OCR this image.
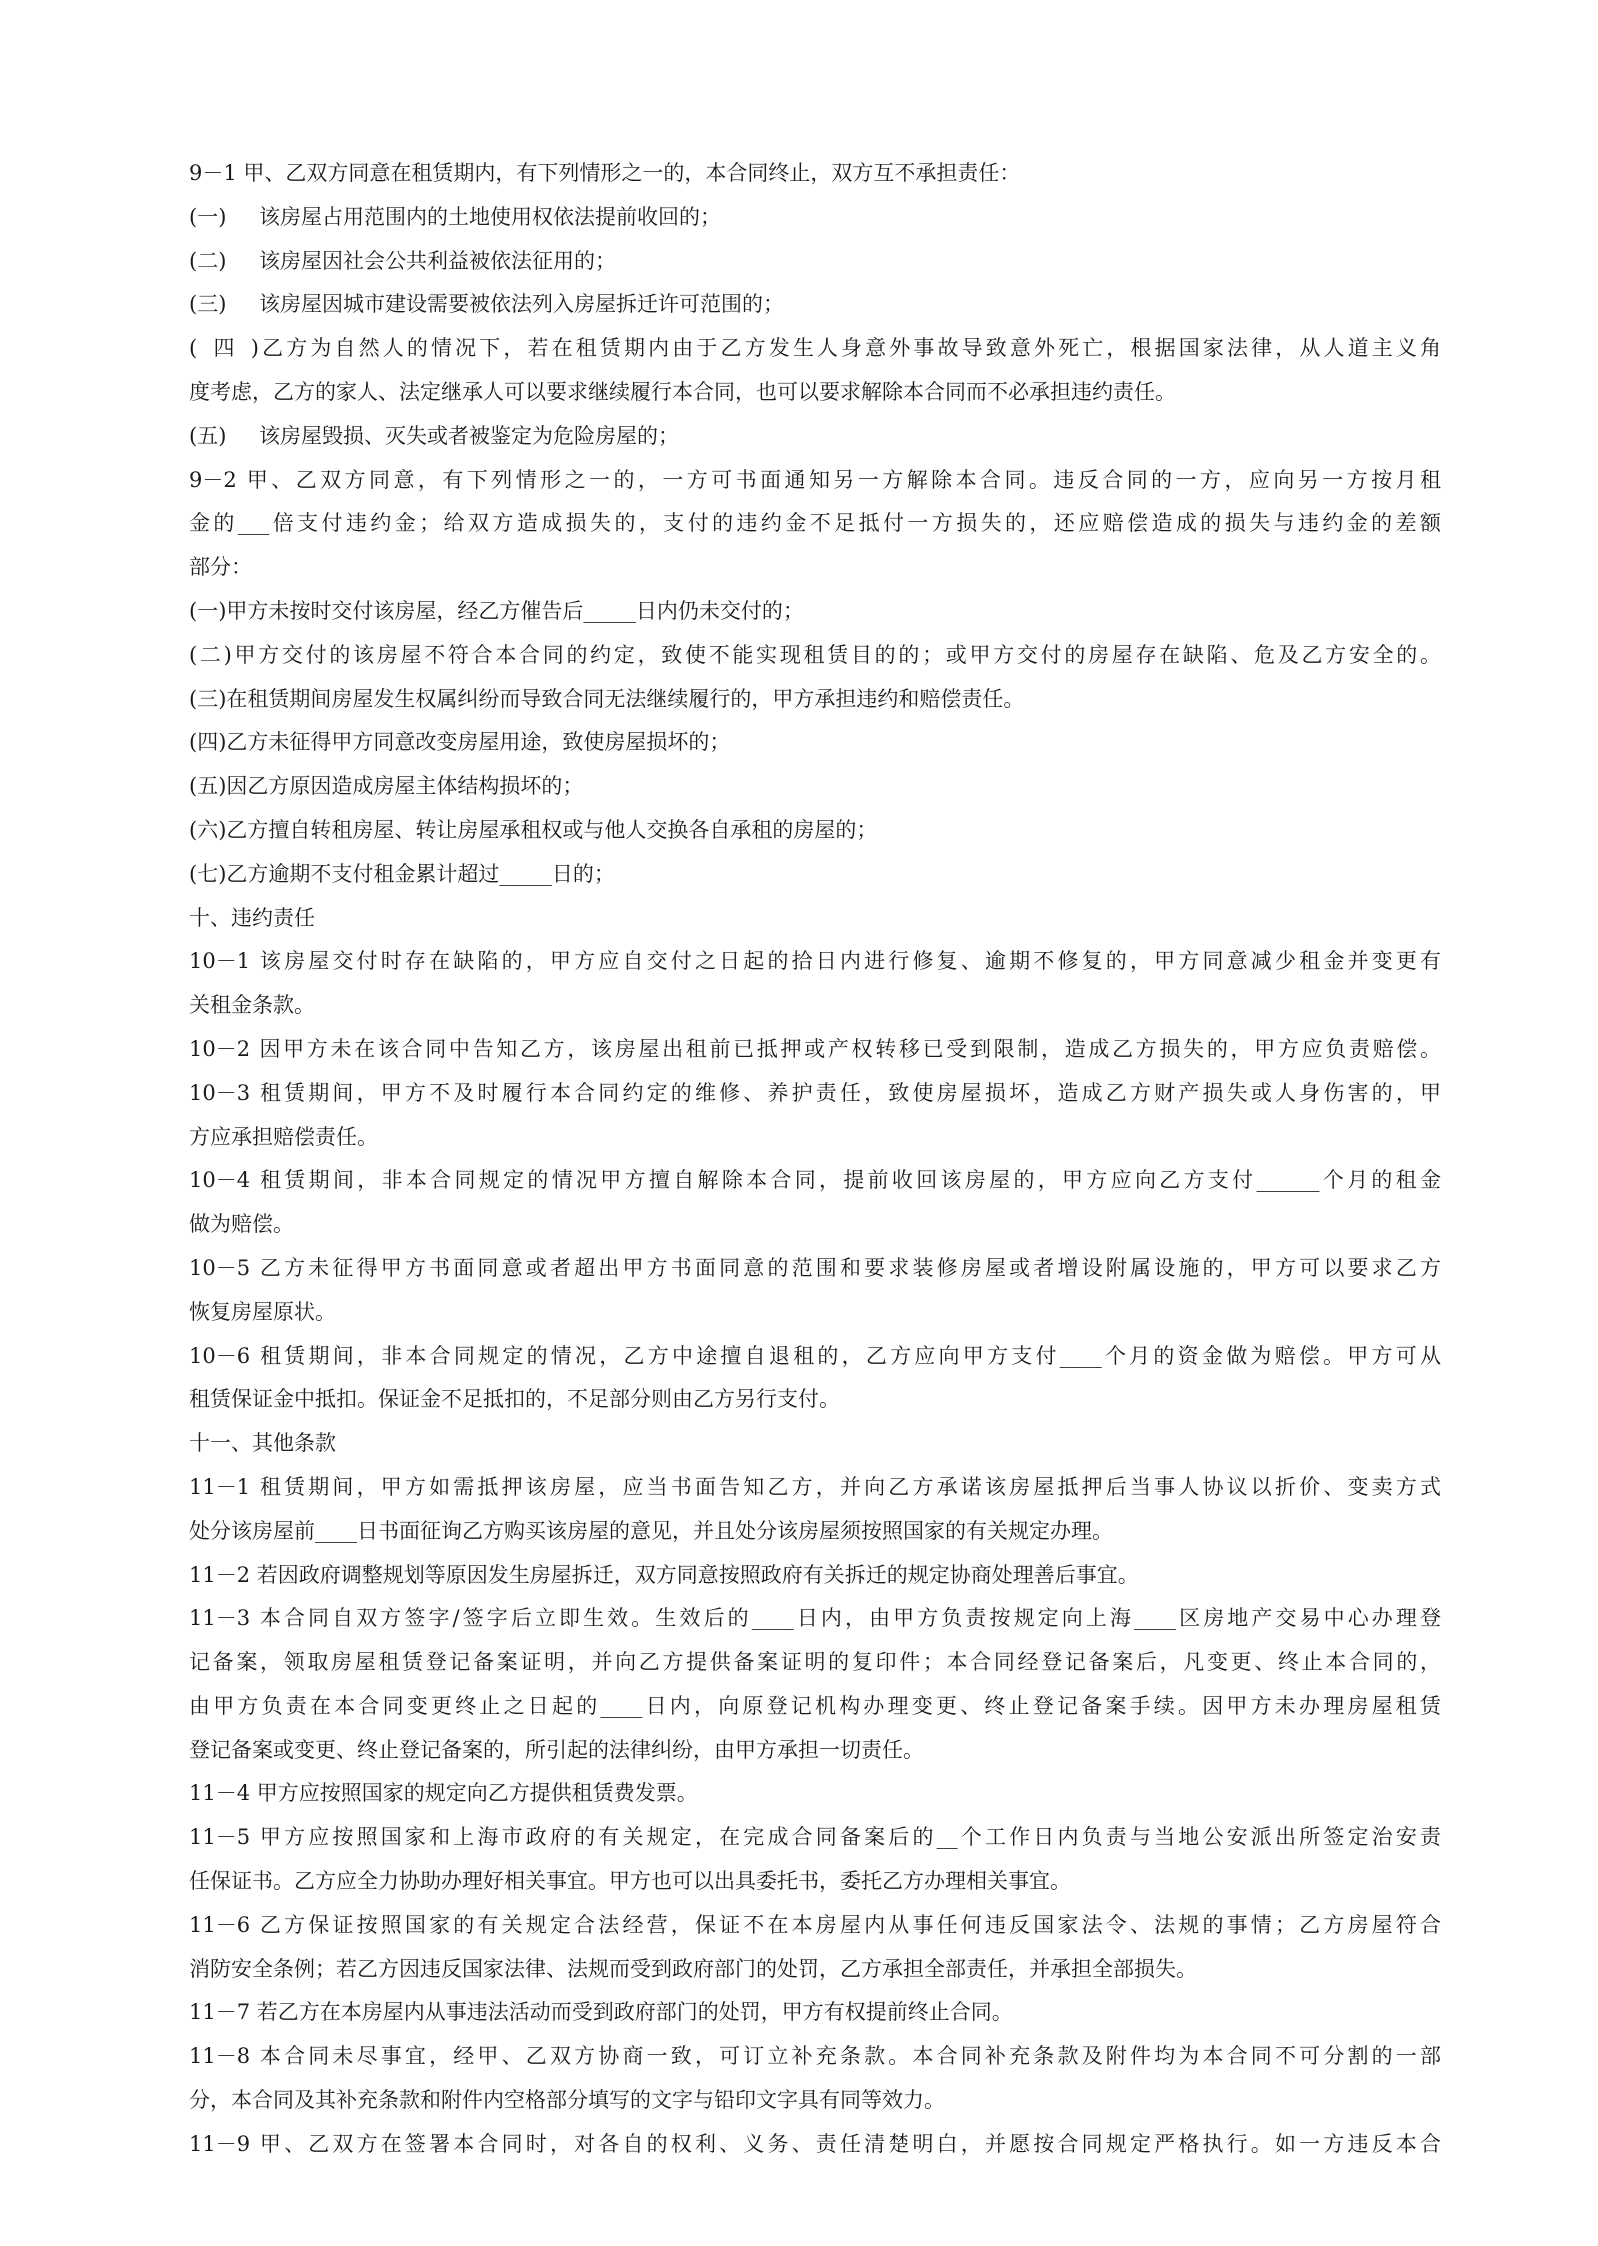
9－1 甲、乙双方同意在租赁期内，有下列情形之一的，本合同终止，双方互不承担责任：
(一) 该房屋占用范围内的土地使用权依法提前收回的；
(二) 该房屋因社会公共利益被依法征用的；
(三) 该房屋因城市建设需要被依法列入房屋拆迁许可范围的；
(四)乙方为自然人的情况下，若在租赁期内由于乙方发生人身意外事故导致意外死亡，根据国家法律，从人道主义角
度考虑，乙方的家人、法定继承人可以要求继续履行本合同，也可以要求解除本合同而不必承担违约责任。
(五) 该房屋毁损、灭失或者被鉴定为危险房屋的；
9－2 甲、乙双方同意，有下列情形之一的，一方可书面通知另一方解除本合同。违反合同的一方，应向另一方按月租
金的___倍支付违约金；给双方造成损失的，支付的违约金不足抵付一方损失的，还应赔偿造成的损失与违约金的差额
部分：
(一)甲方未按时交付该房屋，经乙方催告后_____日内仍未交付的；
(二)甲方交付的该房屋不符合本合同的约定，致使不能实现租赁目的的；或甲方交付的房屋存在缺陷、危及乙方安全的。
(三)在租赁期间房屋发生权属纠纷而导致合同无法继续履行的，甲方承担违约和赔偿责任。
(四)乙方未征得甲方同意改变房屋用途，致使房屋损坏的；
(五)因乙方原因造成房屋主体结构损坏的；
(六)乙方擅自转租房屋、转让房屋承租权或与他人交换各自承租的房屋的；
(七)乙方逾期不支付租金累计超过_____日的；
十、违约责任
10－1 该房屋交付时存在缺陷的，甲方应自交付之日起的拾日内进行修复、逾期不修复的，甲方同意减少租金并变更有
关租金条款。
10－2 因甲方未在该合同中告知乙方，该房屋出租前已抵押或产权转移已受到限制，造成乙方损失的，甲方应负责赔偿。
10－3 租赁期间，甲方不及时履行本合同约定的维修、养护责任，致使房屋损坏，造成乙方财产损失或人身伤害的，甲
方应承担赔偿责任。
10－4 租赁期间，非本合同规定的情况甲方擅自解除本合同，提前收回该房屋的，甲方应向乙方支付______个月的租金
做为赔偿。
10－5 乙方未征得甲方书面同意或者超出甲方书面同意的范围和要求装修房屋或者增设附属设施的，甲方可以要求乙方
恢复房屋原状。
10－6 租赁期间，非本合同规定的情况，乙方中途擅自退租的，乙方应向甲方支付____个月的资金做为赔偿。甲方可从
租赁保证金中抵扣。保证金不足抵扣的，不足部分则由乙方另行支付。
十一、其他条款
11－1 租赁期间，甲方如需抵押该房屋，应当书面告知乙方，并向乙方承诺该房屋抵押后当事人协议以折价、变卖方式
处分该房屋前____日书面征询乙方购买该房屋的意见，并且处分该房屋须按照国家的有关规定办理。
11－2 若因政府调整规划等原因发生房屋拆迁，双方同意按照政府有关拆迁的规定协商处理善后事宜。
11－3 本合同自双方签字/签字后立即生效。生效后的____日内，由甲方负责按规定向上海____区房地产交易中心办理登
记备案，领取房屋租赁登记备案证明，并向乙方提供备案证明的复印件；本合同经登记备案后，凡变更、终止本合同的，
由甲方负责在本合同变更终止之日起的____日内，向原登记机构办理变更、终止登记备案手续。因甲方未办理房屋租赁
登记备案或变更、终止登记备案的，所引起的法律纠纷，由甲方承担一切责任。
11－4 甲方应按照国家的规定向乙方提供租赁费发票。
11－5 甲方应按照国家和上海市政府的有关规定，在完成合同备案后的__个工作日内负责与当地公安派出所签定治安责
任保证书。乙方应全力协助办理好相关事宜。甲方也可以出具委托书，委托乙方办理相关事宜。
11－6 乙方保证按照国家的有关规定合法经营，保证不在本房屋内从事任何违反国家法令、法规的事情；乙方房屋符合
消防安全条例；若乙方因违反国家法律、法规而受到政府部门的处罚，乙方承担全部责任，并承担全部损失。
11－7 若乙方在本房屋内从事违法活动而受到政府部门的处罚，甲方有权提前终止合同。
11－8 本合同未尽事宜，经甲、乙双方协商一致，可订立补充条款。本合同补充条款及附件均为本合同不可分割的一部
分，本合同及其补充条款和附件内空格部分填写的文字与铅印文字具有同等效力。
11－9 甲、乙双方在签署本合同时，对各自的权利、义务、责任清楚明白，并愿按合同规定严格执行。如一方违反本合
